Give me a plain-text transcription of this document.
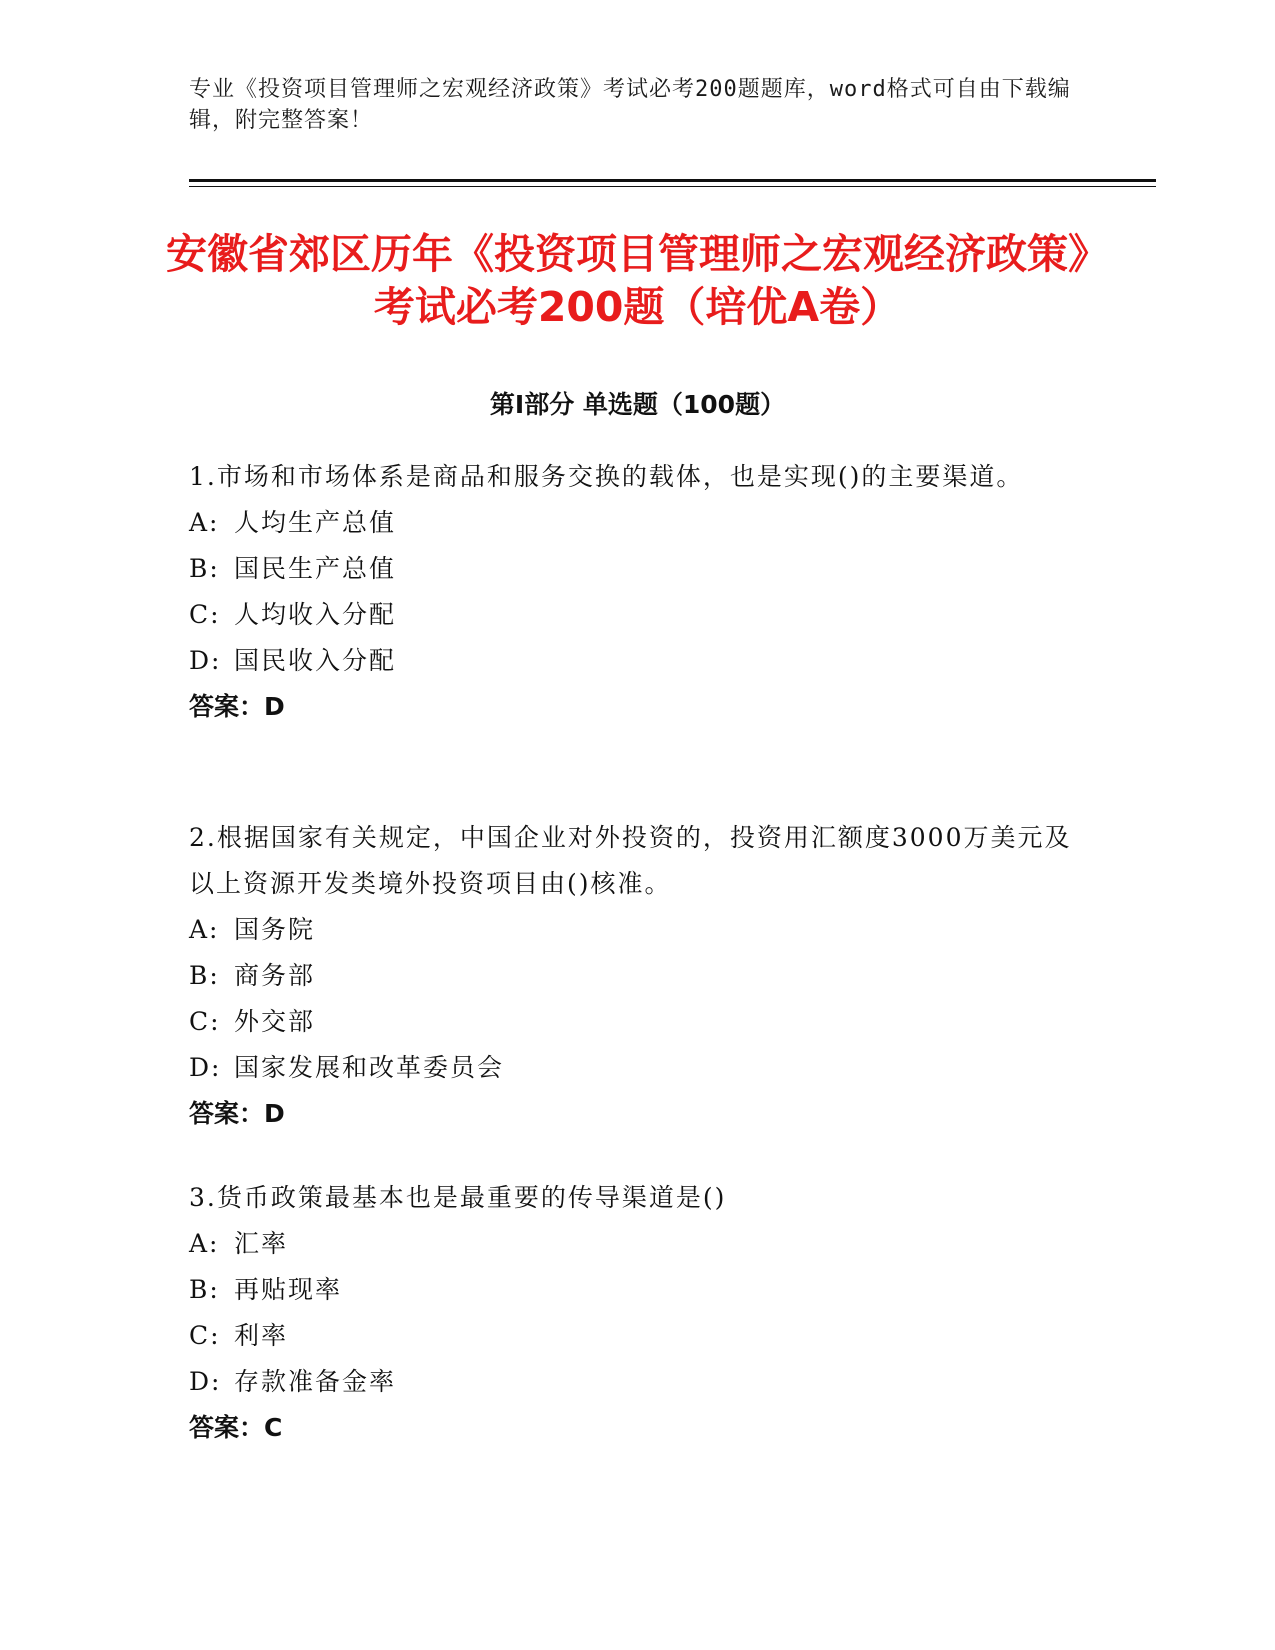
专业《投资项目管理师之宏观经济政策》考试必考200题题库，word格式可自由下载编辑，附完整答案！
安徽省郊区历年《投资项目管理师之宏观经济政策》考试必考200题（培优A卷）
第Ⅰ部分 单选题（100题）

1.市场和市场体系是商品和服务交换的载体，也是实现()的主要渠道。

A: 人均生产总值

B: 国民生产总值

C: 人均收入分配

D: 国民收入分配

答案：D

2.根据国家有关规定，中国企业对外投资的，投资用汇额度3000万美元及以上资源开发类境外投资项目由()核准。

A: 国务院

B: 商务部

C: 外交部

D: 国家发展和改革委员会

答案：D

3.货币政策最基本也是最重要的传导渠道是()

A: 汇率

B: 再贴现率

C: 利率

D: 存款准备金率

答案：C
